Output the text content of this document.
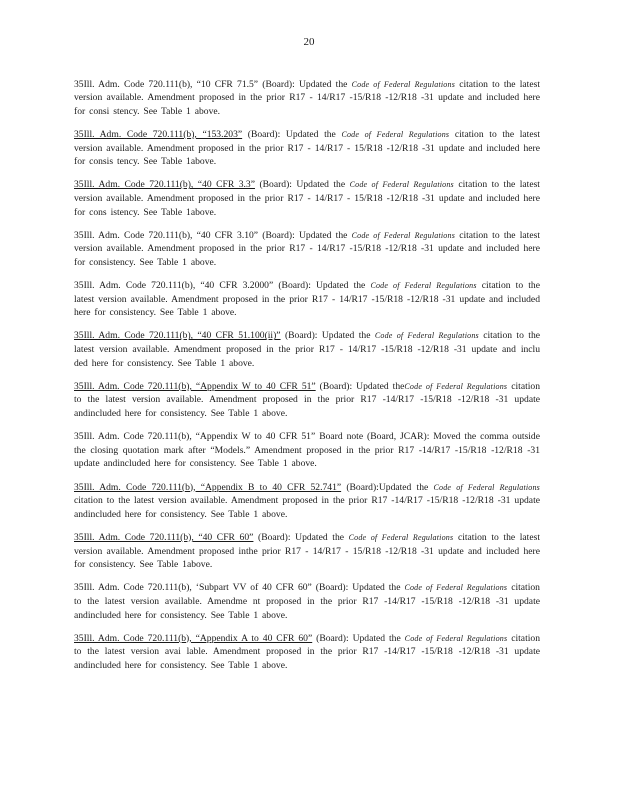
20

35Ill. Adm. Code 720.111(b), “10 CFR 71.5” (Board): Updated the Code of Federal Regulations citation to the latest version available. Amendment proposed in the prior R17 - 14/R17 -15/R18 -12/R18 -31 update and included here for consi stency. See Table 1 above.

35Ill. Adm. Code 720.111(b), “153.203” (Board): Updated the Code of Federal Regulations citation to the latest version available. Amendment proposed in the prior R17 - 14/R17 - 15/R18 -12/R18 -31 update and included here for consis tency. See Table 1above.

35Ill. Adm. Code 720.111(b), “40 CFR 3.3” (Board): Updated the Code of Federal Regulations citation to the latest version available. Amendment proposed in the prior R17 - 14/R17 - 15/R18 -12/R18 -31 update and included here for cons istency. See Table 1above.

35Ill. Adm. Code 720.111(b), “40 CFR 3.10” (Board): Updated the Code of Federal Regulations citation to the latest version available. Amendment proposed in the prior R17 - 14/R17 -15/R18 -12/R18 -31 update and included here for consistency. See Table 1 above.

35Ill. Adm. Code 720.111(b), “40 CFR 3.2000” (Board): Updated the Code of Federal Regulations citation to the latest version available. Amendment proposed in the prior R17 - 14/R17 -15/R18 -12/R18 -31 update and included here for consistency. See Table 1 above.

35Ill. Adm. Code 720.111(b), “40 CFR 51.100(ii)” (Board): Updated the Code of Federal Regulations citation to the latest version available. Amendment proposed in the prior R17 - 14/R17 -15/R18 -12/R18 -31 update and inclu ded here for consistency. See Table 1 above.

35Ill. Adm. Code 720.111(b), “Appendix W to 40 CFR 51” (Board): Updated theCode of Federal Regulations citation to the latest version available. Amendment proposed in the prior R17 -14/R17 -15/R18 -12/R18 -31 update andincluded here for consistency. See Table 1 above.

35Ill. Adm. Code 720.111(b), “Appendix W to 40 CFR 51” Board note (Board, JCAR): Moved the comma outside the closing quotation mark after “Models.” Amendment proposed in the prior R17 -14/R17 -15/R18 -12/R18 -31 update andincluded here for consistency. See Table 1 above.

35Ill. Adm. Code 720.111(b), “Appendix B to 40 CFR 52.741” (Board):Updated the Code of Federal Regulations citation to the latest version available. Amendment proposed in the prior R17 -14/R17 -15/R18 -12/R18 -31 update andincluded here for consistency. See Table 1 above.

35Ill. Adm. Code 720.111(b), “40 CFR 60” (Board): Updated the Code of Federal Regulations citation to the latest version available. Amendment proposed inthe prior R17 - 14/R17 - 15/R18 -12/R18 -31 update and included here for consistency. See Table 1above.

35Ill. Adm. Code 720.111(b), ‘Subpart VV of 40 CFR 60” (Board): Updated the Code of Federal Regulations citation to the latest version available. Amendme nt proposed in the prior R17 -14/R17 -15/R18 -12/R18 -31 update andincluded here for consistency. See Table 1 above.

35Ill. Adm. Code 720.111(b), “Appendix A to 40 CFR 60” (Board): Updated the Code of Federal Regulations citation to the latest version avai lable. Amendment proposed in the prior R17 -14/R17 -15/R18 -12/R18 -31 update andincluded here for consistency. See Table 1 above.
